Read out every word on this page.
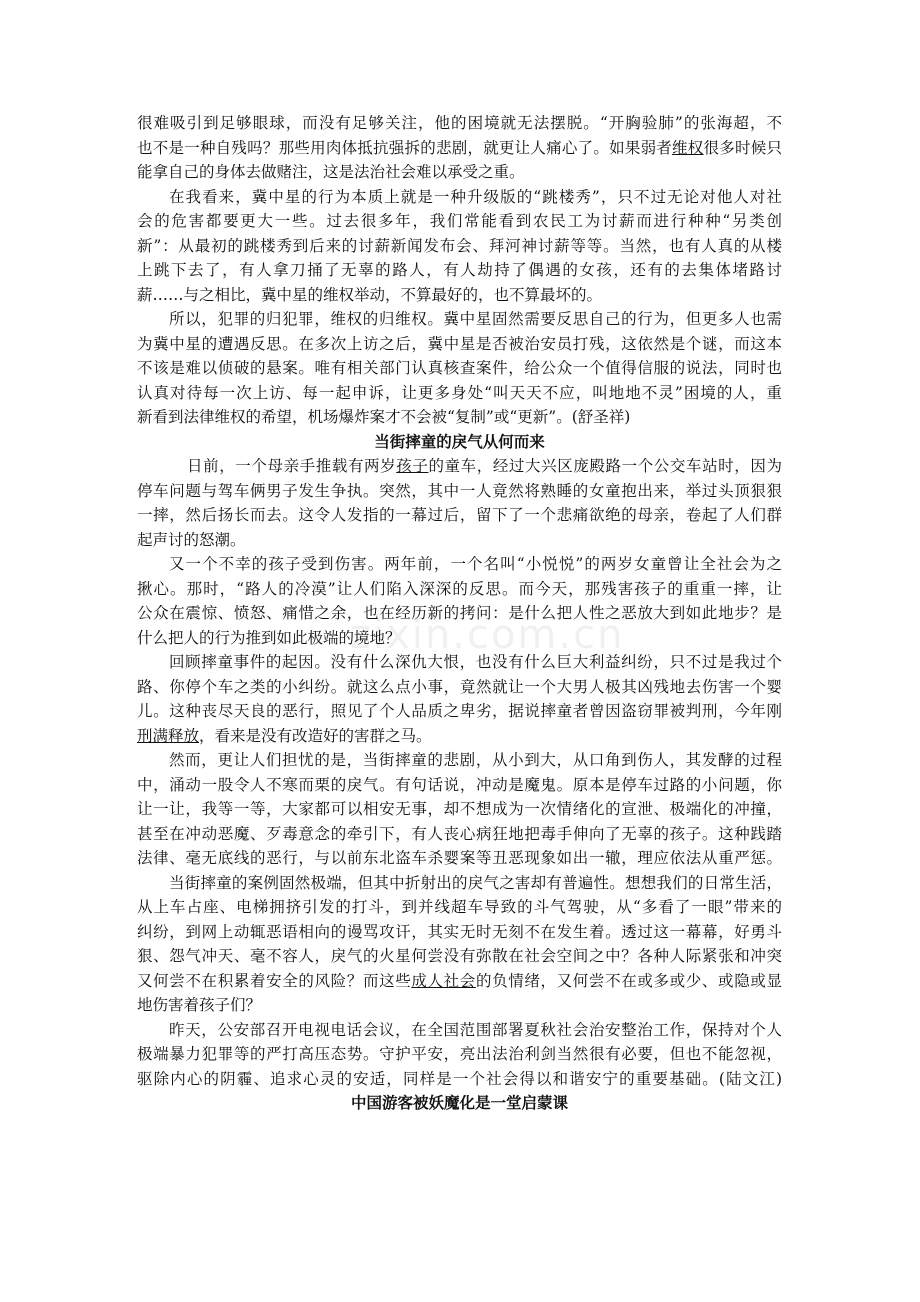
zixin.com.cn
很难吸引到足够眼球，而没有足够关注，他的困境就无法摆脱。“开胸验肺”的张海超，不
也不是一种自残吗？那些用肉体抵抗强拆的悲剧，就更让人痛心了。如果弱者维权很多时候只
能拿自己的身体去做赌注，这是法治社会难以承受之重。
在我看来，冀中星的行为本质上就是一种升级版的“跳楼秀”，只不过无论对他人对社
会的危害都要更大一些。过去很多年，我们常能看到农民工为讨薪而进行种种“另类创
新”：从最初的跳楼秀到后来的讨薪新闻发布会、拜河神讨薪等等。当然，也有人真的从楼
上跳下去了，有人拿刀捅了无辜的路人，有人劫持了偶遇的女孩，还有的去集体堵路讨
薪……与之相比，冀中星的维权举动，不算最好的，也不算最坏的。
所以，犯罪的归犯罪，维权的归维权。冀中星固然需要反思自己的行为，但更多人也需
为冀中星的遭遇反思。在多次上访之后，冀中星是否被治安员打残，这依然是个谜，而这本
不该是难以侦破的悬案。唯有相关部门认真核查案件，给公众一个值得信服的说法，同时也
认真对待每一次上访、每一起申诉，让更多身处“叫天天不应，叫地地不灵”困境的人，重
新看到法律维权的希望，机场爆炸案才不会被“复制”或“更新”。(舒圣祥)
当街摔童的戾气从何而来
日前，一个母亲手推载有两岁孩子的童车，经过大兴区庞殿路一个公交车站时，因为
停车问题与驾车俩男子发生争执。突然，其中一人竟然将熟睡的女童抱出来，举过头顶狠狠
一摔，然后扬长而去。这令人发指的一幕过后，留下了一个悲痛欲绝的母亲，卷起了人们群
起声讨的怒潮。
又一个不幸的孩子受到伤害。两年前，一个名叫“小悦悦”的两岁女童曾让全社会为之
揪心。那时，“路人的冷漠”让人们陷入深深的反思。而今天，那残害孩子的重重一摔，让
公众在震惊、愤怒、痛惜之余，也在经历新的拷问：是什么把人性之恶放大到如此地步？是
什么把人的行为推到如此极端的境地？
回顾摔童事件的起因。没有什么深仇大恨，也没有什么巨大利益纠纷，只不过是我过个
路、你停个车之类的小纠纷。就这么点小事，竟然就让一个大男人极其凶残地去伤害一个婴
儿。这种丧尽天良的恶行，照见了个人品质之卑劣，据说摔童者曾因盗窃罪被判刑，今年刚
刑满释放，看来是没有改造好的害群之马。
然而，更让人们担忧的是，当街摔童的悲剧，从小到大，从口角到伤人，其发酵的过程
中，涌动一股令人不寒而栗的戾气。有句话说，冲动是魔鬼。原本是停车过路的小问题，你
让一让，我等一等，大家都可以相安无事，却不想成为一次情绪化的宣泄、极端化的冲撞，
甚至在冲动恶魔、歹毒意念的牵引下，有人丧心病狂地把毒手伸向了无辜的孩子。这种践踏
法律、毫无底线的恶行，与以前东北盗车杀婴案等丑恶现象如出一辙，理应依法从重严惩。
当街摔童的案例固然极端，但其中折射出的戾气之害却有普遍性。想想我们的日常生活，
从上车占座、电梯拥挤引发的打斗，到并线超车导致的斗气驾驶，从“多看了一眼”带来的
纠纷，到网上动辄恶语相向的谩骂攻讦，其实无时无刻不在发生着。透过这一幕幕，好勇斗
狠、怨气冲天、毫不容人，戾气的火星何尝没有弥散在社会空间之中？各种人际紧张和冲突
又何尝不在积累着安全的风险？而这些成人社会的负情绪，又何尝不在或多或少、或隐或显
地伤害着孩子们？
昨天，公安部召开电视电话会议，在全国范围部署夏秋社会治安整治工作，保持对个人
极端暴力犯罪等的严打高压态势。守护平安，亮出法治利剑当然很有必要，但也不能忽视，
驱除内心的阴霾、追求心灵的安适，同样是一个社会得以和谐安宁的重要基础。(陆文江)
中国游客被妖魔化是一堂启蒙课
